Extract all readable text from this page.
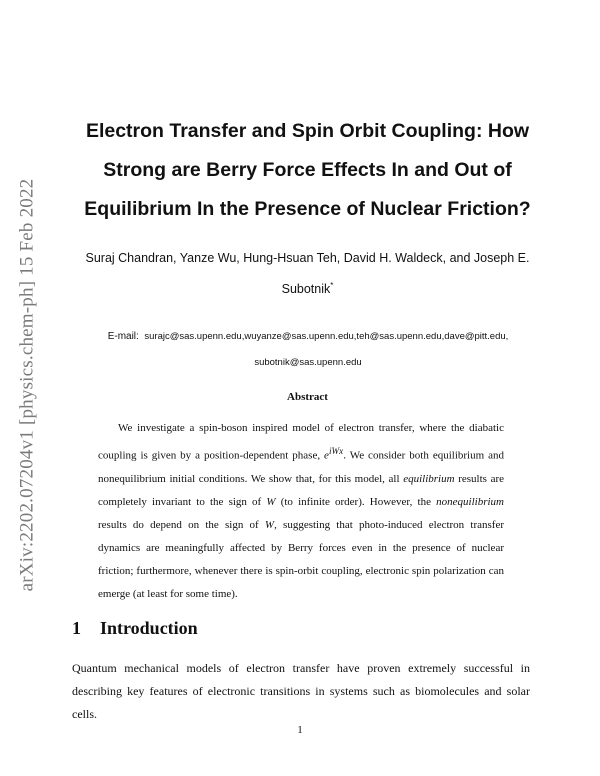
arXiv:2202.07204v1 [physics.chem-ph] 15 Feb 2022
Electron Transfer and Spin Orbit Coupling: How Strong are Berry Force Effects In and Out of Equilibrium In the Presence of Nuclear Friction?

Suraj Chandran, Yanze Wu, Hung-Hsuan Teh, David H. Waldeck, and Joseph E. Subotnik*

E-mail: surajc@sas.upenn.edu,wuyanze@sas.upenn.edu,teh@sas.upenn.edu,dave@pitt.edu, subotnik@sas.upenn.edu

Abstract

We investigate a spin-boson inspired model of electron transfer, where the diabatic coupling is given by a position-dependent phase, $e^{iWx}$. We consider both equilibrium and nonequilibrium initial conditions. We show that, for this model, all equilibrium results are completely invariant to the sign of W (to infinite order). However, the nonequilibrium results do depend on the sign of W, suggesting that photo-induced electron transfer dynamics are meaningfully affected by Berry forces even in the presence of nuclear friction; furthermore, whenever there is spin-orbit coupling, electronic spin polarization can emerge (at least for some time).

1 Introduction

Quantum mechanical models of electron transfer have proven extremely successful in describing key features of electronic transitions in systems such as biomolecules and solar cells.

1
